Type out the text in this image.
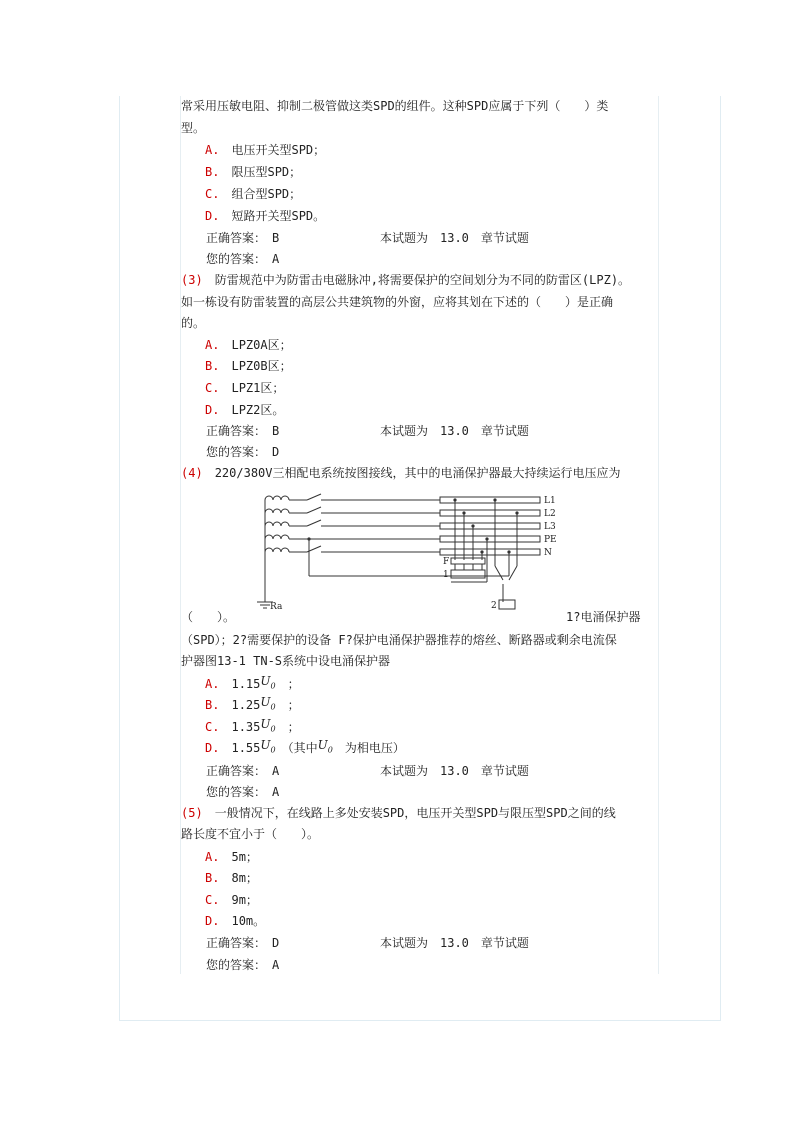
常采用压敏电阻、抑制二极管做这类SPD的组件。这种SPD应属于下列（　　）类
型。
A.　 电压开关型SPD；
B.　 限压型SPD；
C.　 组合型SPD；
D.　 短路开关型SPD。
正确答案：　B	本试题为　13.0　章节试题
您的答案：　A
(3)　 防雷规范中为防雷击电磁脉冲,将需要保护的空间划分为不同的防雷区(LPZ)。
如一栋设有防雷装置的高层公共建筑物的外窗，应将其划在下述的（　　）是正确
的。
A.　 LPZ0A区；
B.　 LPZ0B区；
C.　 LPZ1区；
D.　 LPZ2区。
正确答案：　B	本试题为　13.0　章节试题
您的答案：　D
(4)　 220/380V三相配电系统按图接线，其中的电涌保护器最大持续运行电压应为
L1
L2
L3
PE
N
Ra
F
1
2
（　　）。	1?电涌保护器
（SPD）；2?需要保护的设备 F?保护电涌保护器推荐的熔丝、断路器或剩余电流保
护器图13-1 TN-S系统中设电涌保护器
A.　 $1.15U_0$　 ；
B.　 $1.25U_0$　 ；
C.　 $1.35U_0$　 ；
D.　 $1.55U_0$　 （其中$U_0$　 为相电压）
正确答案：　A	本试题为　13.0　章节试题
您的答案：　A
(5)　 一般情况下，在线路上多处安装SPD，电压开关型SPD与限压型SPD之间的线
路长度不宜小于（　　）。
A.　 5m；
B.　 8m；
C.　 9m；
D.　 10m。
正确答案：　D	本试题为　13.0　章节试题
您的答案：　A
